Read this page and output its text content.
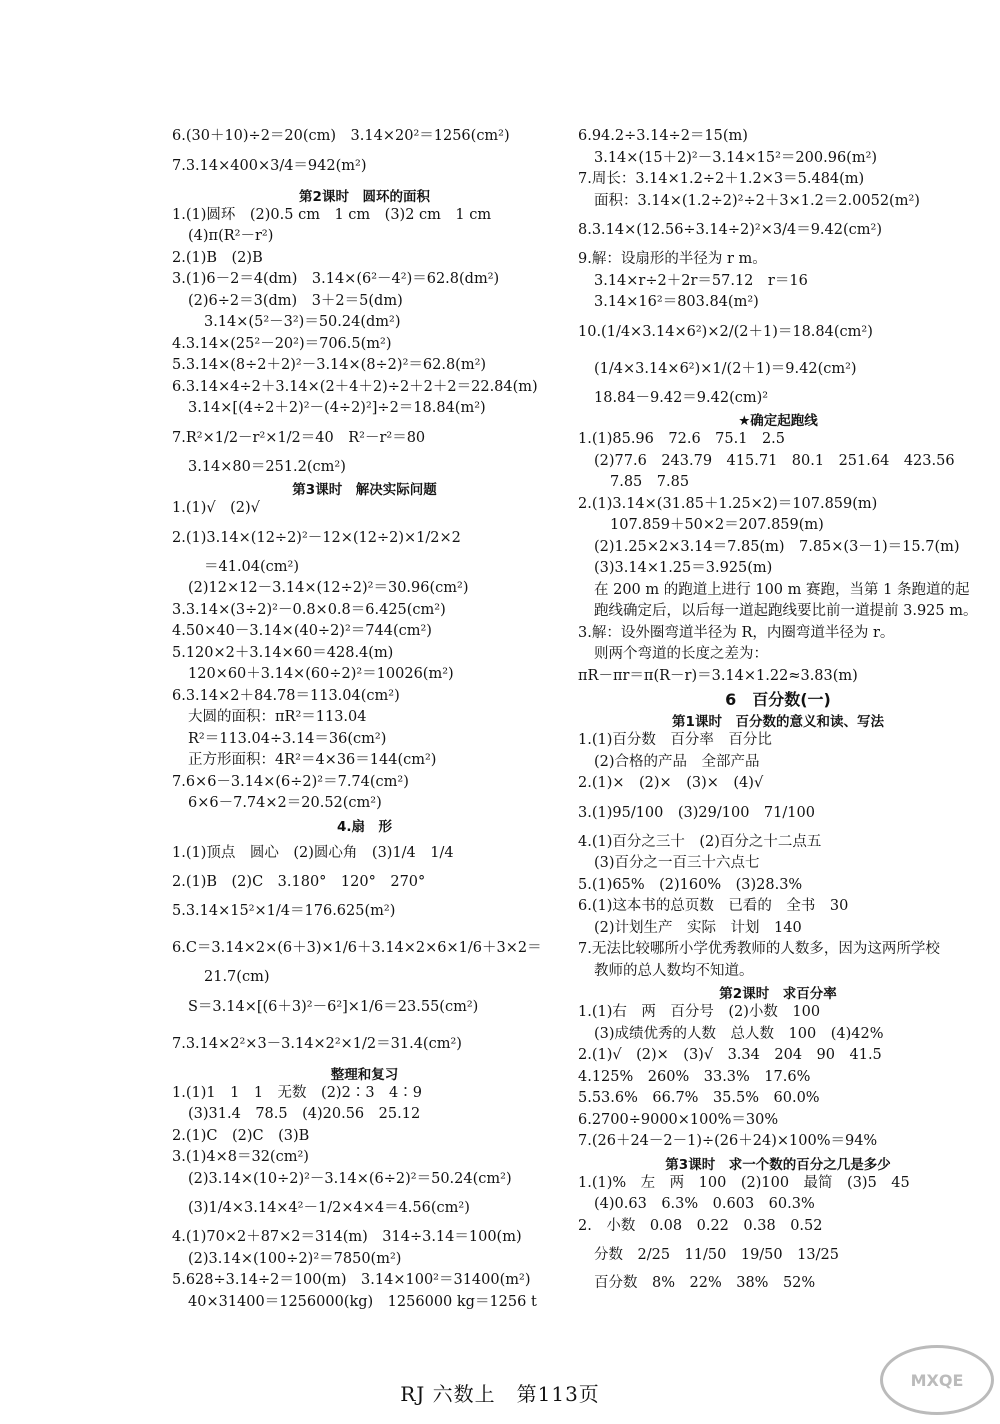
6.(30＋10)÷2＝20(cm)　3.14×20²＝1256(cm²)
7.3.14×400×3/4＝942(m²)
第2课时　圆环的面积
1.(1)圆环　(2)0.5 cm　1 cm　(3)2 cm　1 cm
(4)π(R²－r²)
2.(1)B　(2)B
3.(1)6－2＝4(dm)　3.14×(6²－4²)＝62.8(dm²)
(2)6÷2＝3(dm)　3＋2＝5(dm)
3.14×(5²－3²)＝50.24(dm²)
4.3.14×(25²－20²)＝706.5(m²)
5.3.14×(8÷2＋2)²－3.14×(8÷2)²＝62.8(m²)
6.3.14×4÷2＋3.14×(2＋4＋2)÷2＋2＋2＝22.84(m)
3.14×[(4÷2＋2)²－(4÷2)²]÷2＝18.84(m²)
7.R²×1/2－r²×1/2＝40　R²－r²＝80
3.14×80＝251.2(cm²)
第3课时　解决实际问题
1.(1)√　(2)√
2.(1)3.14×(12÷2)²－12×(12÷2)×1/2×2
＝41.04(cm²)
(2)12×12－3.14×(12÷2)²＝30.96(cm²)
3.3.14×(3÷2)²－0.8×0.8＝6.425(cm²)
4.50×40－3.14×(40÷2)²＝744(cm²)
5.120×2＋3.14×60＝428.4(m)
120×60＋3.14×(60÷2)²＝10026(m²)
6.3.14×2＋84.78＝113.04(cm²)
大圆的面积：πR²＝113.04
R²＝113.04÷3.14＝36(cm²)
正方形面积：4R²＝4×36＝144(cm²)
7.6×6－3.14×(6÷2)²＝7.74(cm²)
6×6－7.74×2＝20.52(cm²)
4.扇　形
1.(1)顶点　圆心　(2)圆心角　(3)1/4　1/4
2.(1)B　(2)C　3.180°　120°　270°
5.3.14×15²×1/4＝176.625(m²)
6.C＝3.14×2×(6＋3)×1/6＋3.14×2×6×1/6＋3×2＝
21.7(cm)
S＝3.14×[(6＋3)²－6²]×1/6＝23.55(cm²)
7.3.14×2²×3－3.14×2²×1/2＝31.4(cm²)
整理和复习
1.(1)1　1　1　无数　(2)2∶3　4∶9
(3)31.4　78.5　(4)20.56　25.12
2.(1)C　(2)C　(3)B
3.(1)4×8＝32(cm²)
(2)3.14×(10÷2)²－3.14×(6÷2)²＝50.24(cm²)
(3)1/4×3.14×4²－1/2×4×4＝4.56(cm²)
4.(1)70×2＋87×2＝314(m)　314÷3.14＝100(m)
(2)3.14×(100÷2)²＝7850(m²)
5.628÷3.14÷2＝100(m)　3.14×100²＝31400(m²)
40×31400＝1256000(kg)　1256000 kg＝1256 t
6.94.2÷3.14÷2＝15(m)
3.14×(15＋2)²－3.14×15²＝200.96(m²)
7.周长：3.14×1.2÷2＋1.2×3＝5.484(m)
面积：3.14×(1.2÷2)²÷2＋3×1.2＝2.0052(m²)
8.3.14×(12.56÷3.14÷2)²×3/4＝9.42(cm²)
9.解：设扇形的半径为 r m。
3.14×r÷2＋2r＝57.12　r＝16
3.14×16²＝803.84(m²)
10.(1/4×3.14×6²)×2/(2＋1)＝18.84(cm²)
(1/4×3.14×6²)×1/(2＋1)＝9.42(cm²)
18.84－9.42＝9.42(cm)²
★确定起跑线
1.(1)85.96　72.6　75.1　2.5
(2)77.6　243.79　415.71　80.1　251.64　423.56
7.85　7.85
2.(1)3.14×(31.85＋1.25×2)＝107.859(m)
107.859＋50×2＝207.859(m)
(2)1.25×2×3.14＝7.85(m)　7.85×(3－1)＝15.7(m)
(3)3.14×1.25＝3.925(m)
在 200 m 的跑道上进行 100 m 赛跑，当第 1 条跑道的起跑线确定后，以后每一道起跑线要比前一道提前 3.925 m。
3.解：设外圈弯道半径为 R，内圈弯道半径为 r。
则两个弯道的长度之差为：
πR－πr＝π(R－r)＝3.14×1.22≈3.83(m)
6　百分数(一)
第1课时　百分数的意义和读、写法
1.(1)百分数　百分率　百分比
(2)合格的产品　全部产品
2.(1)×　(2)×　(3)×　(4)√
3.(1)95/100　(3)29/100　71/100
4.(1)百分之三十　(2)百分之十二点五
(3)百分之一百三十六点七
5.(1)65%　(2)160%　(3)28.3%
6.(1)这本书的总页数　已看的　全书　30
(2)计划生产　实际　计划　140
7.无法比较哪所小学优秀教师的人数多，因为这两所学校
教师的总人数均不知道。
第2课时　求百分率
1.(1)右　两　百分号　(2)小数　100
(3)成绩优秀的人数　总人数　100　(4)42%
2.(1)√　(2)×　(3)√　3.34　204　90　41.5
4.125%　260%　33.3%　17.6%
5.53.6%　66.7%　35.5%　60.0%
6.2700÷9000×100%＝30%
7.(26＋24－2－1)÷(26＋24)×100%＝94%
第3课时　求一个数的百分之几是多少
1.(1)%　左　两　100　(2)100　最简　(3)5　45
(4)0.63　6.3%　0.603　60.3%
2.　小数　0.08　0.22　0.38　0.52
分数　2/25　11/50　19/50　13/25
百分数　8%　22%　38%　52%
RJ 六数上　第113页
MXQE
